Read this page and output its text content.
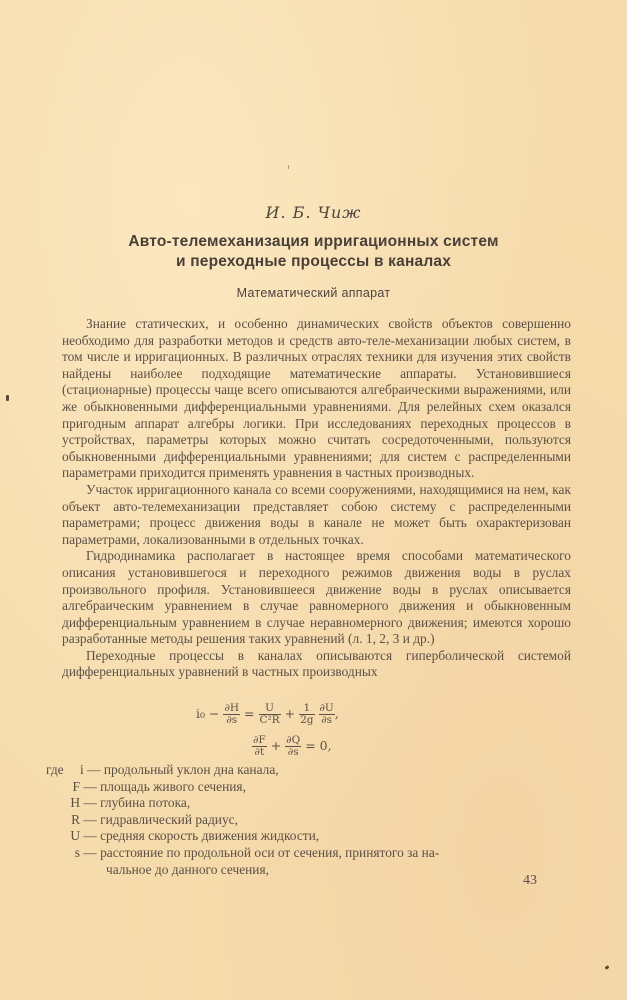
И. Б. Чиж
Авто-телемеханизация ирригационных систем
и переходные процессы в каналах
Математический аппарат

Знание статических, и особенно динамических свойств объектов совершенно необходимо для разработки методов и средств авто-теле-механизации любых систем, в том числе и ирригационных. В различных отраслях техники для изучения этих свойств найдены наиболее подходящие математические аппараты. Установившиеся (стационарные) процессы чаще всего описываются алгебраическими выражениями, или же обыкновенными дифференциальными уравнениями. Для релейных схем оказался пригодным аппарат алгебры логики. При исследованиях переходных процессов в устройствах, параметры которых можно считать сосредоточенными, пользуются обыкновенными дифференциальными уравнениями; для систем с распределенными параметрами приходится применять уравнения в частных производных.

Участок ирригационного канала со всеми сооружениями, находящимися на нем, как объект авто-телемеханизации представляет собою систему с распределенными параметрами; процесс движения воды в канале не может быть охарактеризован параметрами, локализованными в отдельных точках.

Гидродинамика располагает в настоящее время способами математического описания установившегося и переходного режимов движения воды в руслах произвольного профиля. Установившееся движение воды в руслах описывается алгебраическим уравнением в случае равномерного движения и обыкновенным дифференциальным уравнением в случае неравномерного движения; имеются хорошо разработанные методы решения таких уравнений (л. 1, 2, 3 и др.)

Переходные процессы в каналах описываются гиперболической системой дифференциальных уравнений в частных производных

$i_0 - \frac{\partial H}{\partial s} = \frac{U}{\text{C²R}} + \frac{1}{2g}$
$\frac{\partial U}{\partial s}$ ,
$\frac{\partial F}{\partial t} + \frac{\partial Q}{\partial s} = 0$,
где i — продольный уклон дна канала,
F — площадь живого сечения,
H — глубина потока,
R — гидравлический радиус,
U — средняя скорость движения жидкости,
s — расстояние по продольной оси от сечения, принятого за на-
чальное до данного сечения,
43
